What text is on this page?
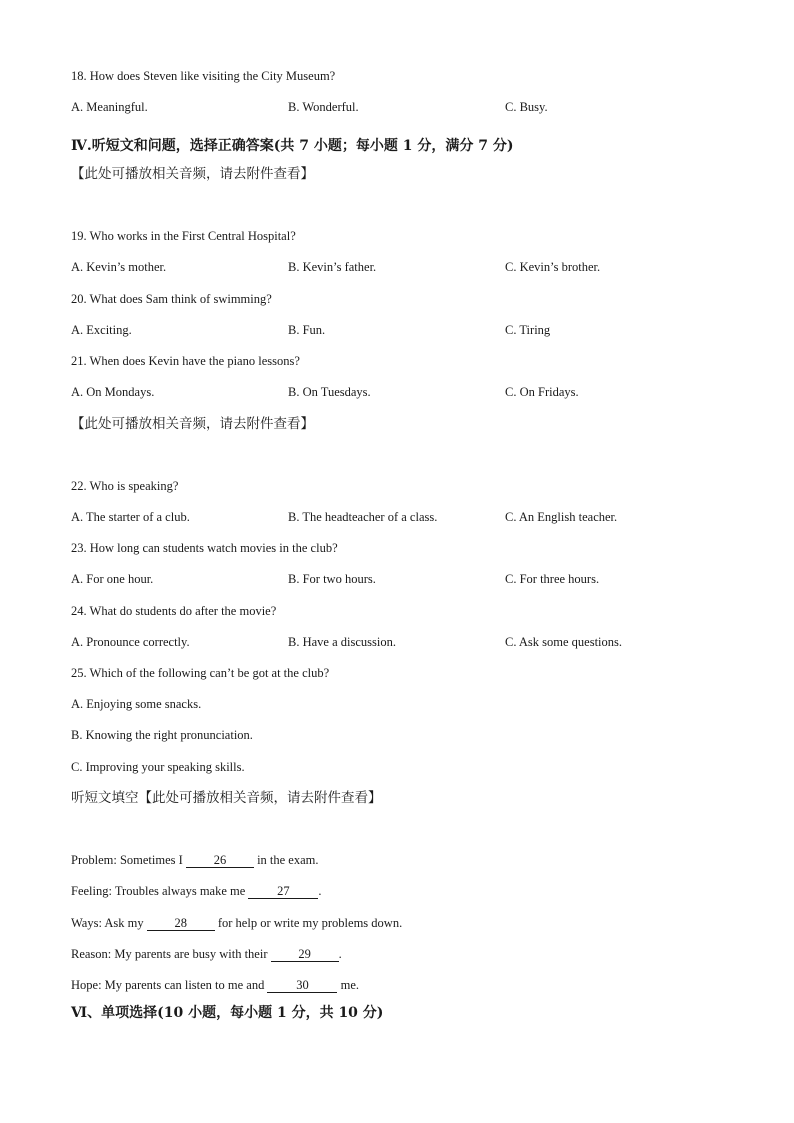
18. How does Steven like visiting the City Museum?
A. Meaningful.	B. Wonderful.	C. Busy.
Ⅳ.听短文和问题，选择正确答案(共 7 小题；每小题 1 分，满分 7 分)
【此处可播放相关音频，请去附件查看】
19. Who works in the First Central Hospital?
A. Kevin’s mother.	B. Kevin’s father.	C. Kevin’s brother.
20. What does Sam think of swimming?
A. Exciting.	B. Fun.	C. Tiring
21. When does Kevin have the piano lessons?
A. On Mondays.	B. On Tuesdays.	C. On Fridays.
【此处可播放相关音频，请去附件查看】
22. Who is speaking?
A. The starter of a club.	B. The headteacher of a class.	C. An English teacher.
23. How long can students watch movies in the club?
A. For one hour.	B. For two hours.	C. For three hours.
24. What do students do after the movie?
A. Pronounce correctly.	B. Have a discussion.	C. Ask some questions.
25. Which of the following can’t be got at the club?
A. Enjoying some snacks.
B. Knowing the right pronunciation.
C. Improving your speaking skills.
听短文填空【此处可播放相关音频，请去附件查看】
Problem: Sometimes I 26 in the exam.
Feeling: Troubles always make me 27 .
Ways: Ask my 28 for help or write my problems down.
Reason: My parents are busy with their 29 .
Hope: My parents can listen to me and 30 me.
Ⅵ、单项选择(10 小题，每小题 1 分，共 10 分)
